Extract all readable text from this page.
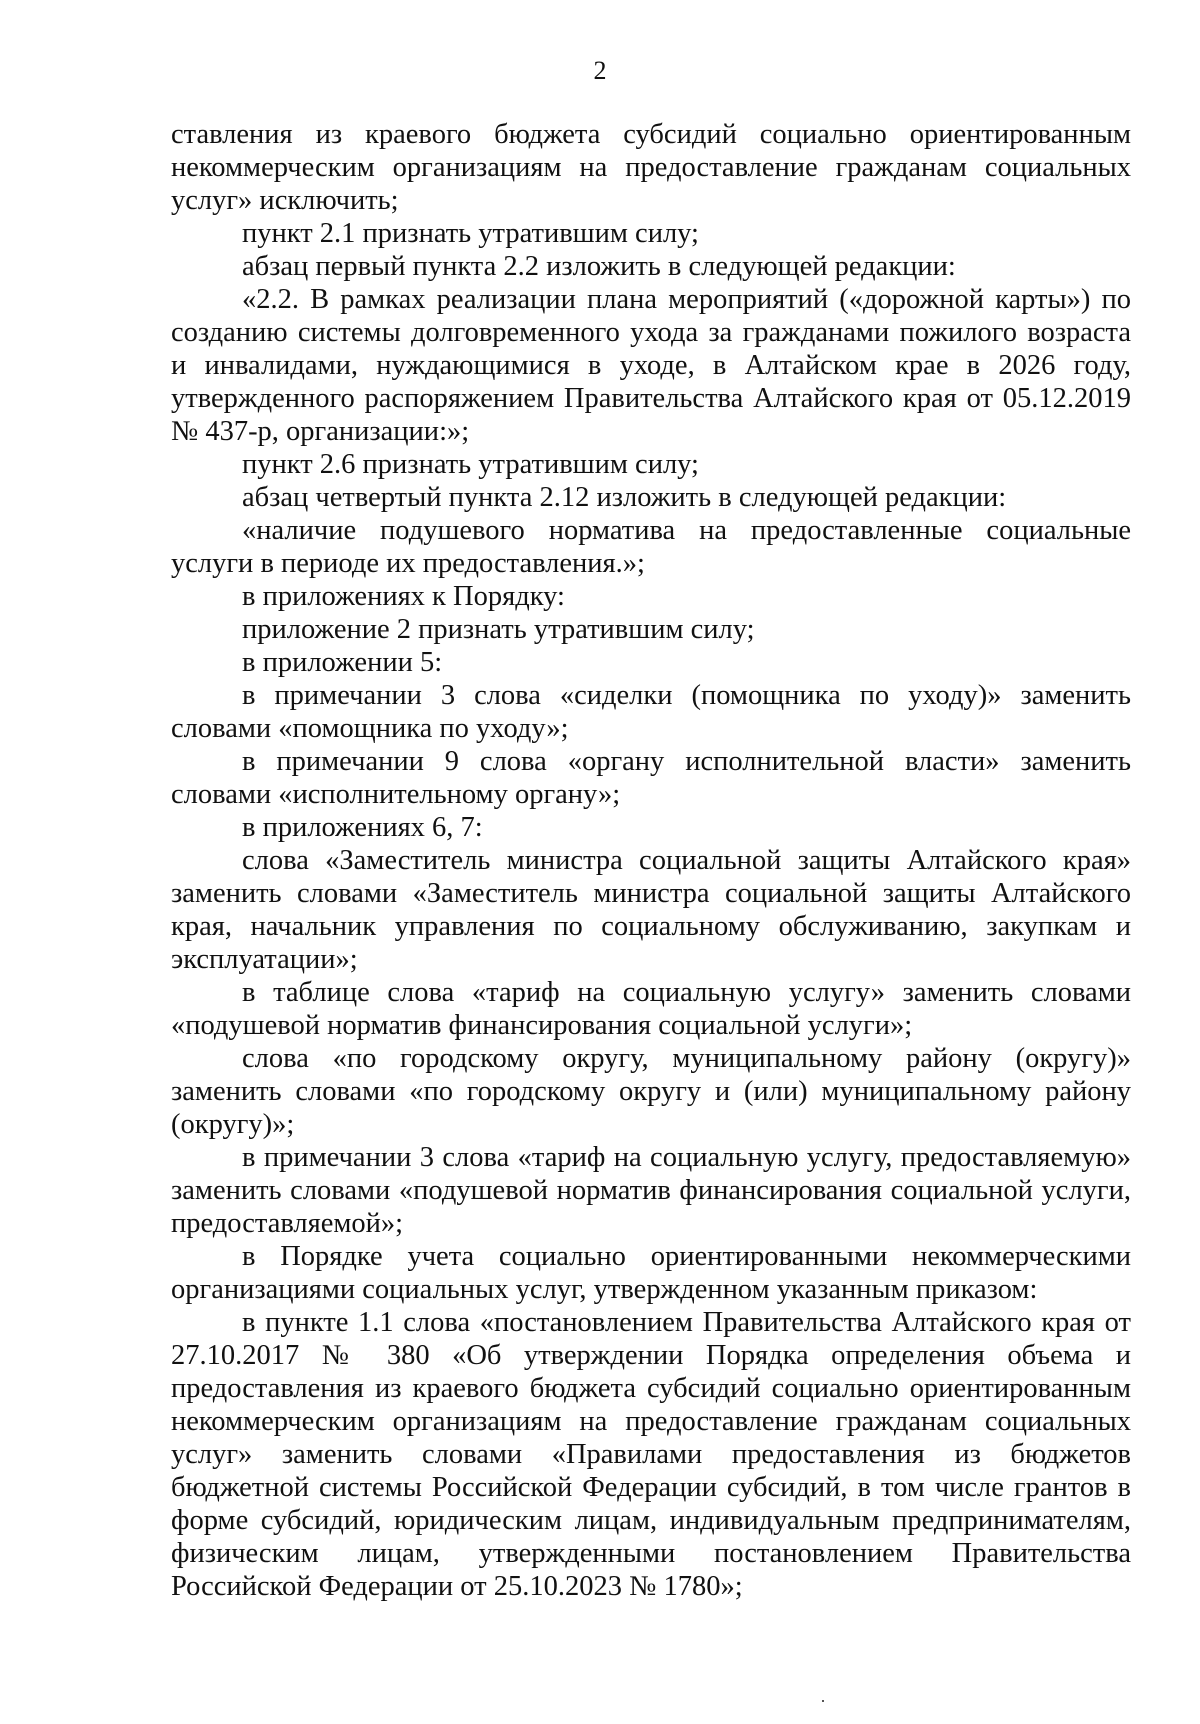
2

ставления из краевого бюджета субсидий социально ориентированным некоммерческим организациям на предоставление гражданам социальных услуг» исключить;

пункт 2.1 признать утратившим силу;

абзац первый пункта 2.2 изложить в следующей редакции:

«2.2. В рамках реализации плана мероприятий («дорожной карты») по созданию системы долговременного ухода за гражданами пожилого возраста и инвалидами, нуждающимися в уходе, в Алтайском крае в 2026 году, утвержденного распоряжением Правительства Алтайского края от 05.12.2019 № 437-р, организации:»;

пункт 2.6 признать утратившим силу;

абзац четвертый пункта 2.12 изложить в следующей редакции:

«наличие подушевого норматива на предоставленные социальные услуги в периоде их предоставления.»;

в приложениях к Порядку:

приложение 2 признать утратившим силу;

в приложении 5:

в примечании 3 слова «сиделки (помощника по уходу)» заменить словами «помощника по уходу»;

в примечании 9 слова «органу исполнительной власти» заменить словами «исполнительному органу»;

в приложениях 6, 7:

слова «Заместитель министра социальной защиты Алтайского края» заменить словами «Заместитель министра социальной защиты Алтайского края, начальник управления по социальному обслуживанию, закупкам и эксплуатации»;

в таблице слова «тариф на социальную услугу» заменить словами «подушевой норматив финансирования социальной услуги»;

слова «по городскому округу, муниципальному району (округу)» заменить словами «по городскому округу и (или) муниципальному району (округу)»;

в примечании 3 слова «тариф на социальную услугу, предоставляемую» заменить словами «подушевой норматив финансирования социальной услуги, предоставляемой»;

в Порядке учета социально ориентированными некоммерческими организациями социальных услуг, утвержденном указанным приказом:

в пункте 1.1 слова «постановлением Правительства Алтайского края от 27.10.2017 № 380 «Об утверждении Порядка определения объема и предоставления из краевого бюджета субсидий социально ориентированным некоммерческим организациям на предоставление гражданам социальных услуг» заменить словами «Правилами предоставления из бюджетов бюджетной системы Российской Федерации субсидий, в том числе грантов в форме субсидий, юридическим лицам, индивидуальным предпринимателям, физическим лицам, утвержденными постановлением Правительства Российской Федерации от 25.10.2023 № 1780»;
